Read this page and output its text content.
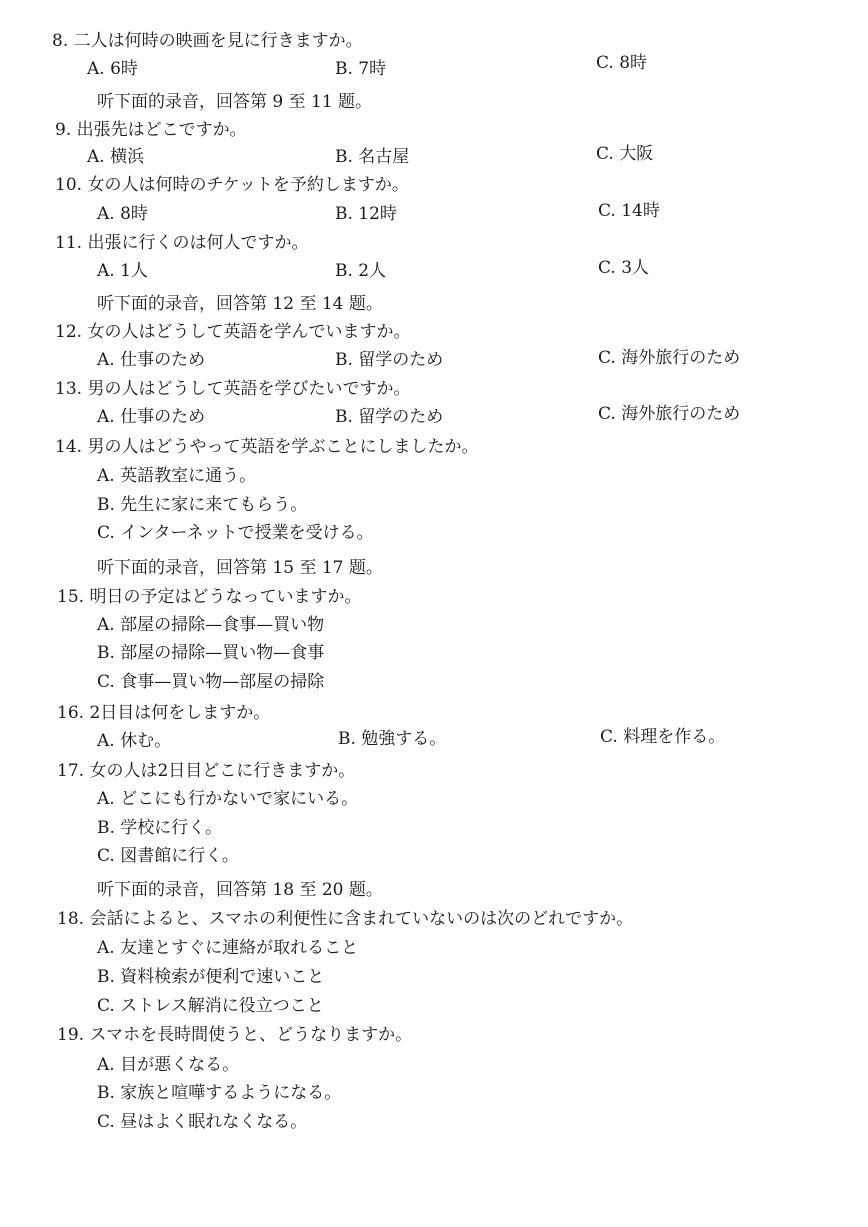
8. 二人は何時の映画を見に行きますか。
A. 6時	B. 7時	C. 8時
听下面的录音，回答第 9 至 11 题。
9. 出張先はどこですか。
A. 横浜	B. 名古屋	C. 大阪
10. 女の人は何時のチケットを予約しますか。
A. 8時	B. 12時	C. 14時
11. 出張に行くのは何人ですか。
A. 1人	B. 2人	C. 3人
听下面的录音，回答第 12 至 14 题。
12. 女の人はどうして英語を学んでいますか。
A. 仕事のため	B. 留学のため	C. 海外旅行のため
13. 男の人はどうして英語を学びたいですか。
A. 仕事のため	B. 留学のため	C. 海外旅行のため
14. 男の人はどうやって英語を学ぶことにしましたか。
A. 英語教室に通う。
B. 先生に家に来てもらう。
C. インターネットで授業を受ける。
听下面的录音，回答第 15 至 17 题。
15. 明日の予定はどうなっていますか。
A. 部屋の掃除—食事—買い物
B. 部屋の掃除—買い物—食事
C. 食事—買い物—部屋の掃除
16. 2日目は何をしますか。
A. 休む。	B. 勉強する。	C. 料理を作る。
17. 女の人は2日目どこに行きますか。
A. どこにも行かないで家にいる。
B. 学校に行く。
C. 図書館に行く。
听下面的录音，回答第 18 至 20 题。
18. 会話によると、スマホの利便性に含まれていないのは次のどれですか。
A. 友達とすぐに連絡が取れること
B. 資料検索が便利で速いこと
C. ストレス解消に役立つこと
19. スマホを長時間使うと、どうなりますか。
A. 目が悪くなる。
B. 家族と喧嘩するようになる。
C. 昼はよく眠れなくなる。
